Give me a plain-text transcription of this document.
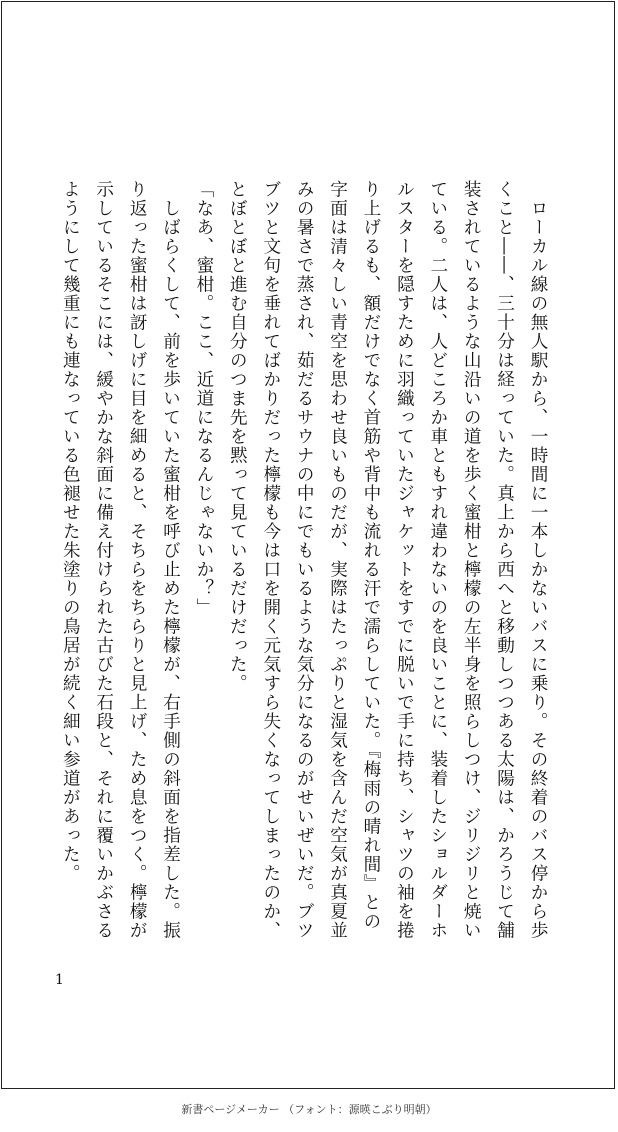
　ローカル線の無人駅から、一時間に一本しかないバスに乗り。その終着のバス停から歩くこと――、三十分は経っていた。真上から西へと移動しつつある太陽は、かろうじて舗装されているような山沿いの道を歩く蜜柑と檸檬の左半身を照らしつけ、ジリジリと焼いている。二人は、人どころか車ともすれ違わないのを良いことに、装着したショルダーホルスターを隠すために羽織っていたジャケットをすでに脱いで手に持ち、シャツの袖を捲り上げるも、額だけでなく首筋や背中も流れる汗で濡らしていた。『梅雨の晴れ間』との字面は清々しい青空を思わせ良いものだが、実際はたっぷりと湿気を含んだ空気が真夏並みの暑さで蒸され、茹だるサウナの中にでもいるような気分になるのがせいぜいだ。ブツブツと文句を垂れてばかりだった檸檬も今は口を開く元気すら失くなってしまったのか、とぼとぼと進む自分のつま先を黙って見ているだけだった。

「なあ、蜜柑。ここ、近道になるんじゃないか？」

　しばらくして、前を歩いていた蜜柑を呼び止めた檸檬が、右手側の斜面を指差した。振り返った蜜柑は訝しげに目を細めると、そちらをちらりと見上げ、ため息をつく。檸檬が示しているそこには、緩やかな斜面に備え付けられた古びた石段と、それに覆いかぶさるようにして幾重にも連なっている色褪せた朱塗りの鳥居が続く細い参道があった。

1
新書ページメーカー （フォント：源暎こぶり明朝）
